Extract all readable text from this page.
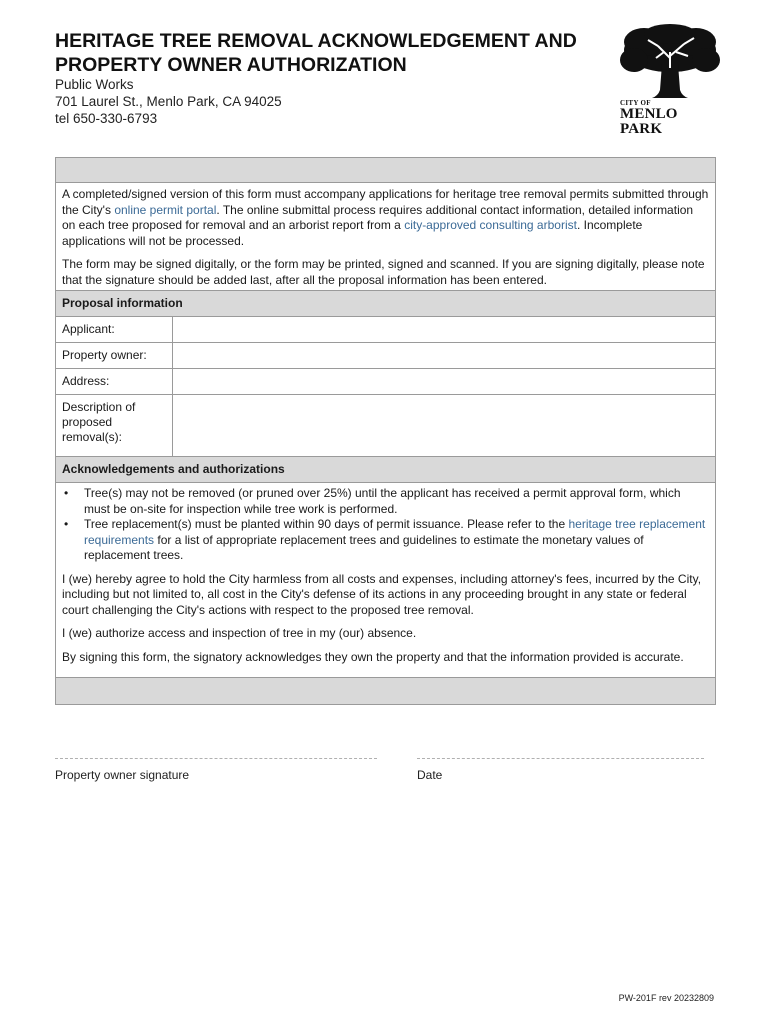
HERITAGE TREE REMOVAL ACKNOWLEDGEMENT AND PROPERTY OWNER AUTHORIZATION
Public Works
701 Laurel St., Menlo Park, CA 94025
tel 650-330-6793
CITY OF
MENLO PARK

A completed/signed version of this form must accompany applications for heritage tree removal permits submitted through the City's online permit portal. The online submittal process requires additional contact information, detailed information on each tree proposed for removal and an arborist report from a city-approved consulting arborist. Incomplete applications will not be processed.

The form may be signed digitally, or the form may be printed, signed and scanned. If you are signing digitally, please note that the signature should be added last, after all the proposal information has been entered.

Proposal information
Applicant:
Property owner:
Address:
Description of proposed removal(s):
Acknowledgements and authorizations
• Tree(s) may not be removed (or pruned over 25%) until the applicant has received a permit approval form, which must be on-site for inspection while tree work is performed.
• Tree replacement(s) must be planted within 90 days of permit issuance. Please refer to the heritage tree replacement requirements for a list of appropriate replacement trees and guidelines to estimate the monetary values of replacement trees.

I (we) hereby agree to hold the City harmless from all costs and expenses, including attorney's fees, incurred by the City, including but not limited to, all cost in the City's defense of its actions in any proceeding brought in any state or federal court challenging the City's actions with respect to the proposed tree removal.

I (we) authorize access and inspection of tree in my (our) absence.

By signing this form, the signatory acknowledges they own the property and that the information provided is accurate.

Property owner signature	Date
PW-201F rev 20232809
